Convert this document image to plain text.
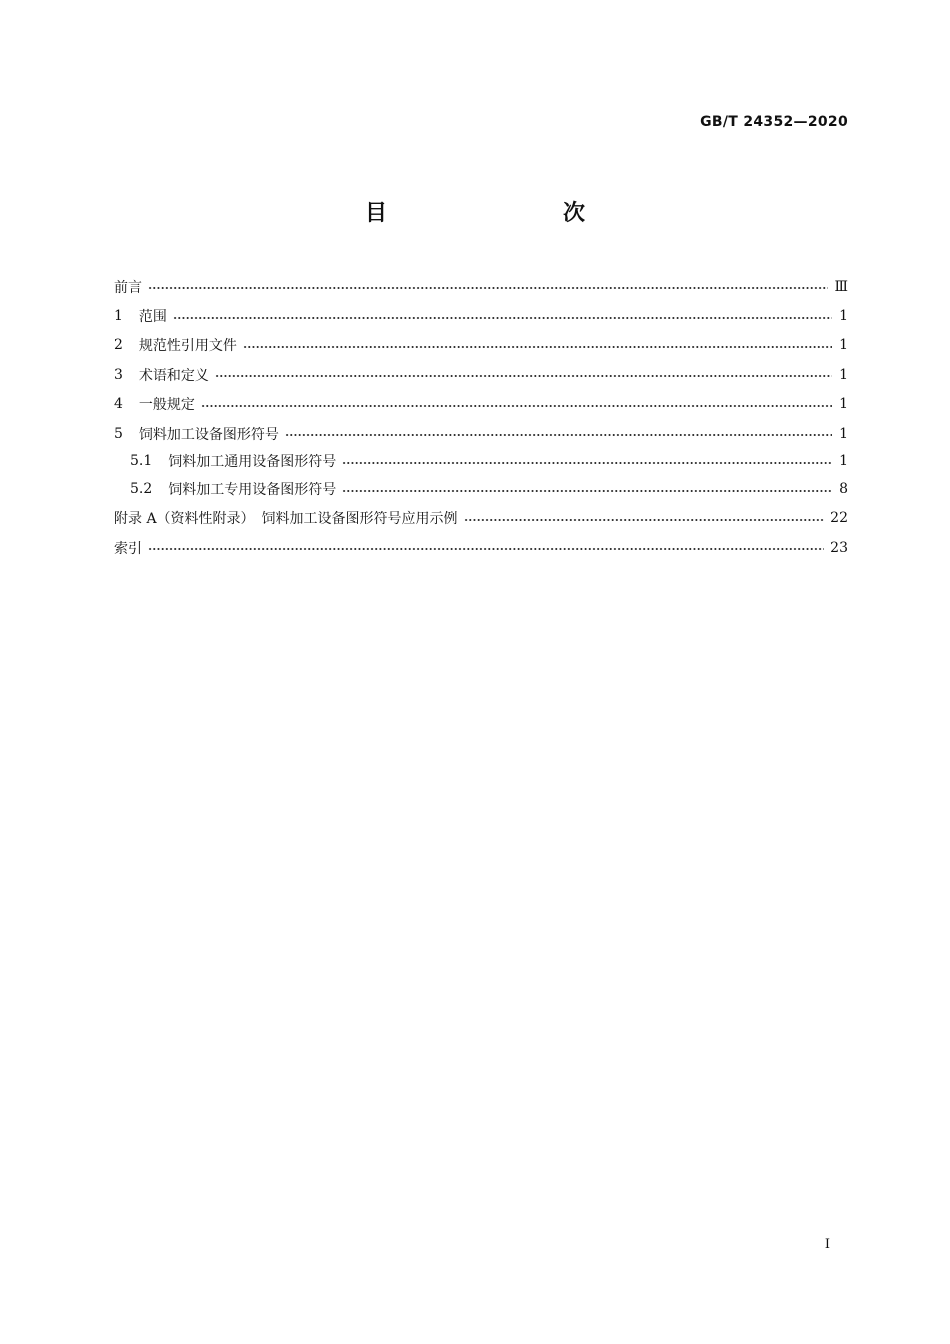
GB/T 24352—2020
目　　次
前言	Ⅲ
1 范围	1
2 规范性引用文件	1
3 术语和定义	1
4 一般规定	1
5 饲料加工设备图形符号	1
5.1 饲料加工通用设备图形符号	1
5.2 饲料加工专用设备图形符号	8
附录 A（资料性附录）　饲料加工设备图形符号应用示例	22
索引	23
Ⅰ
